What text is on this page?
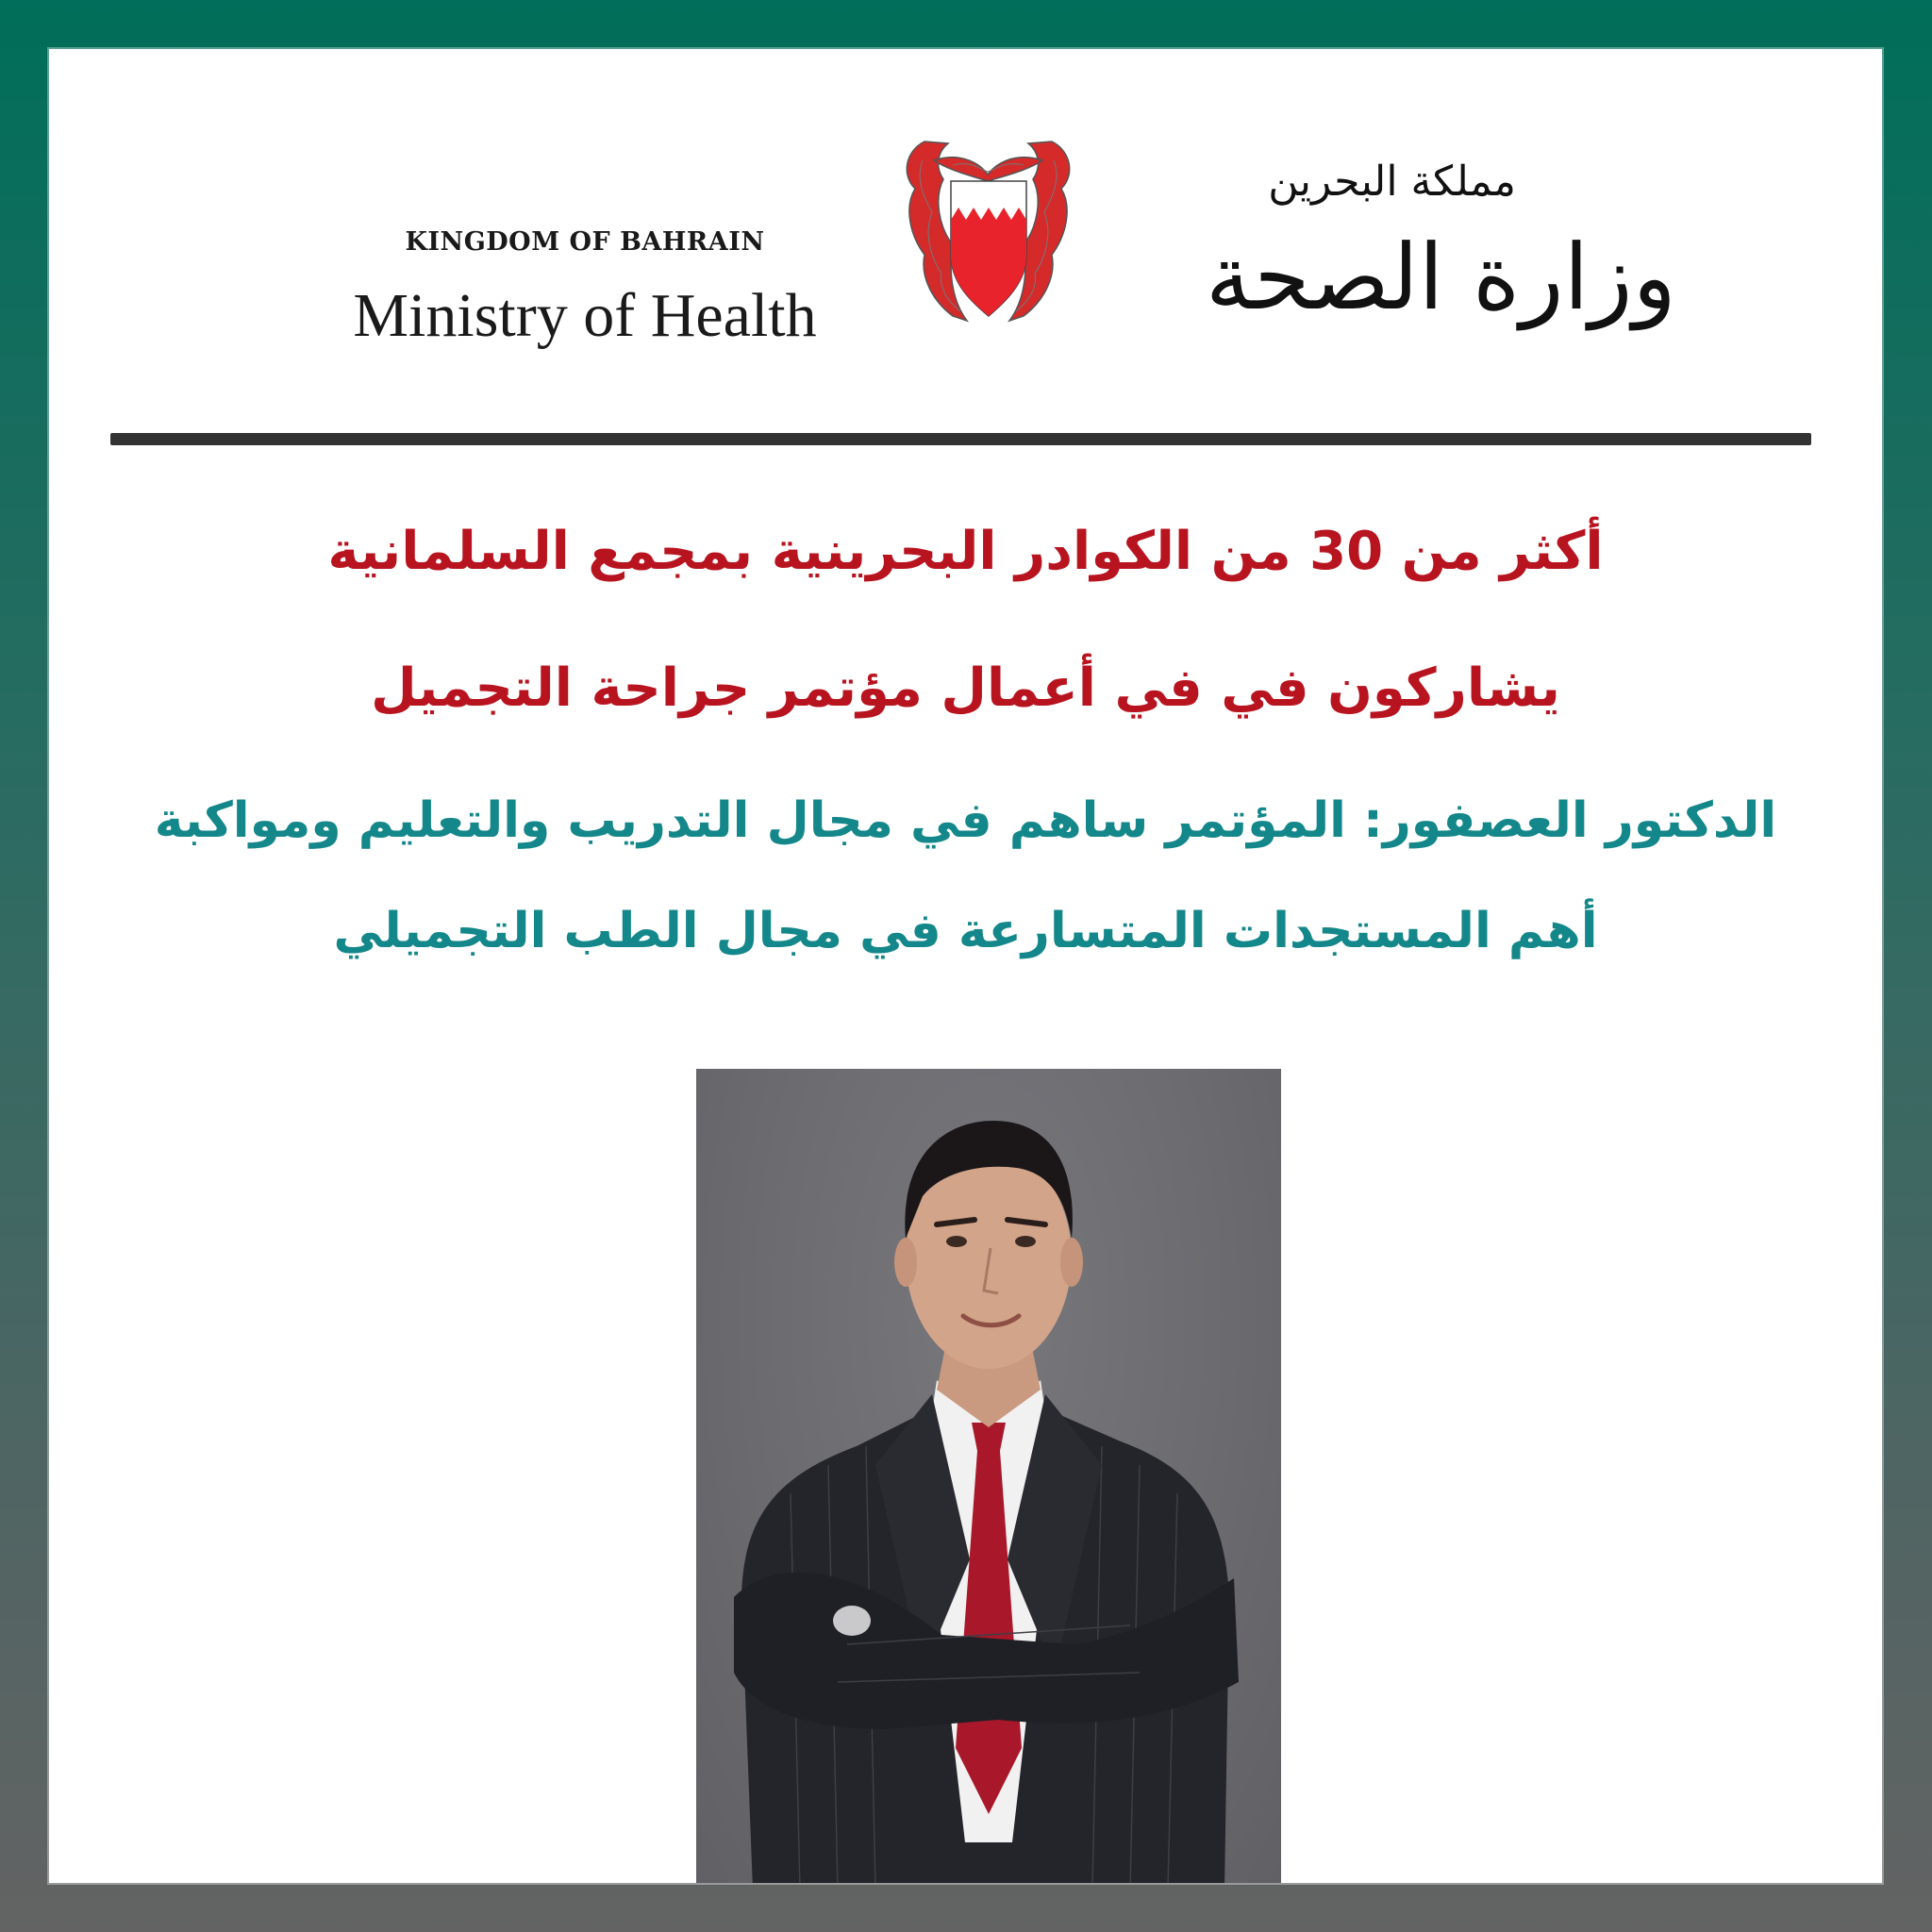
KINGDOM OF BAHRAIN
Ministry of Health
مملكة البحرين
وزارة الصحة
أكثر من 30 من الكوادر البحرينية بمجمع السلمانية
يشاركون في في أعمال مؤتمر جراحة التجميل
الدكتور العصفور: المؤتمر ساهم في مجال التدريب والتعليم ومواكبة
أهم المستجدات المتسارعة في مجال الطب التجميلي
